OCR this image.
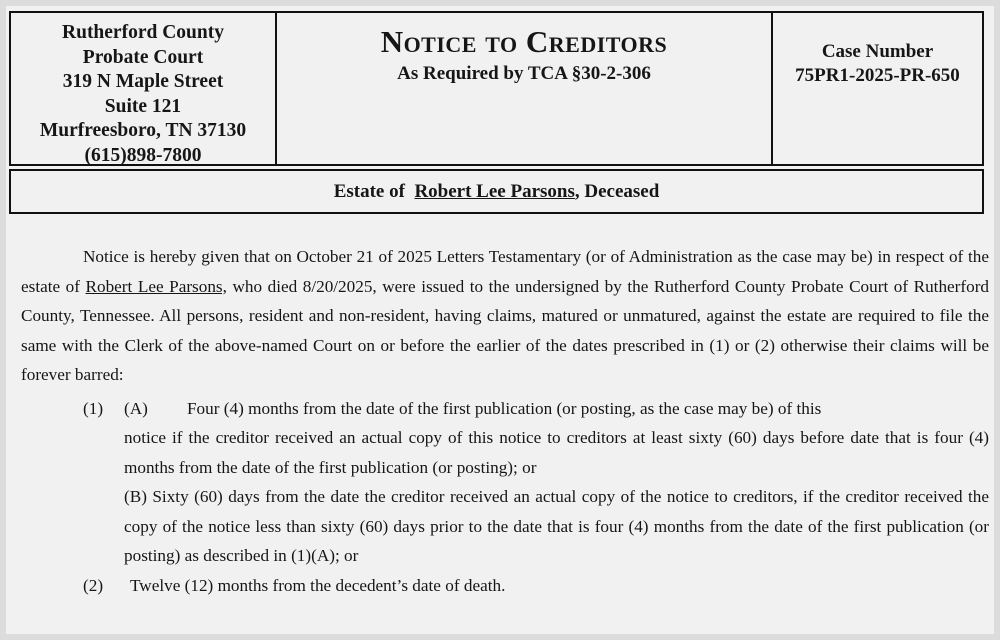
Rutherford County
Probate Court
319 N Maple Street
Suite 121
Murfreesboro, TN 37130
(615)898-7800
Notice to Creditors
As Required by TCA §30-2-306
Case Number
75PR1-2025-PR-650
Estate of
Robert Lee Parsons , Deceased
Notice is hereby given that on October 21 of 2025 Letters Testamentary (or of Administration as the case may be) in respect of the estate of Robert Lee Parsons, who died 8/20/2025, were issued to the undersigned by the Rutherford County Probate Court of Rutherford County, Tennessee. All persons, resident and non-resident, having claims, matured or unmatured, against the estate are required to file the same with the Clerk of the above-named Court on or before the earlier of the dates prescribed in (1) or (2) otherwise their claims will be forever barred:
(1) (A)	Four (4) months from the date of the first publication (or posting, as the case may be) of this
notice if the creditor received an actual copy of this notice to creditors at least sixty (60) days before date that is four (4) months from the date of the first publication (or posting); or
(B) Sixty (60) days from the date the creditor received an actual copy of the notice to creditors, if the creditor received the copy of the notice less than sixty (60) days prior to the date that is four (4) months from the date of the first publication (or posting) as described in (1)(A); or
(2) Twelve (12) months from the decedent’s date of death.
